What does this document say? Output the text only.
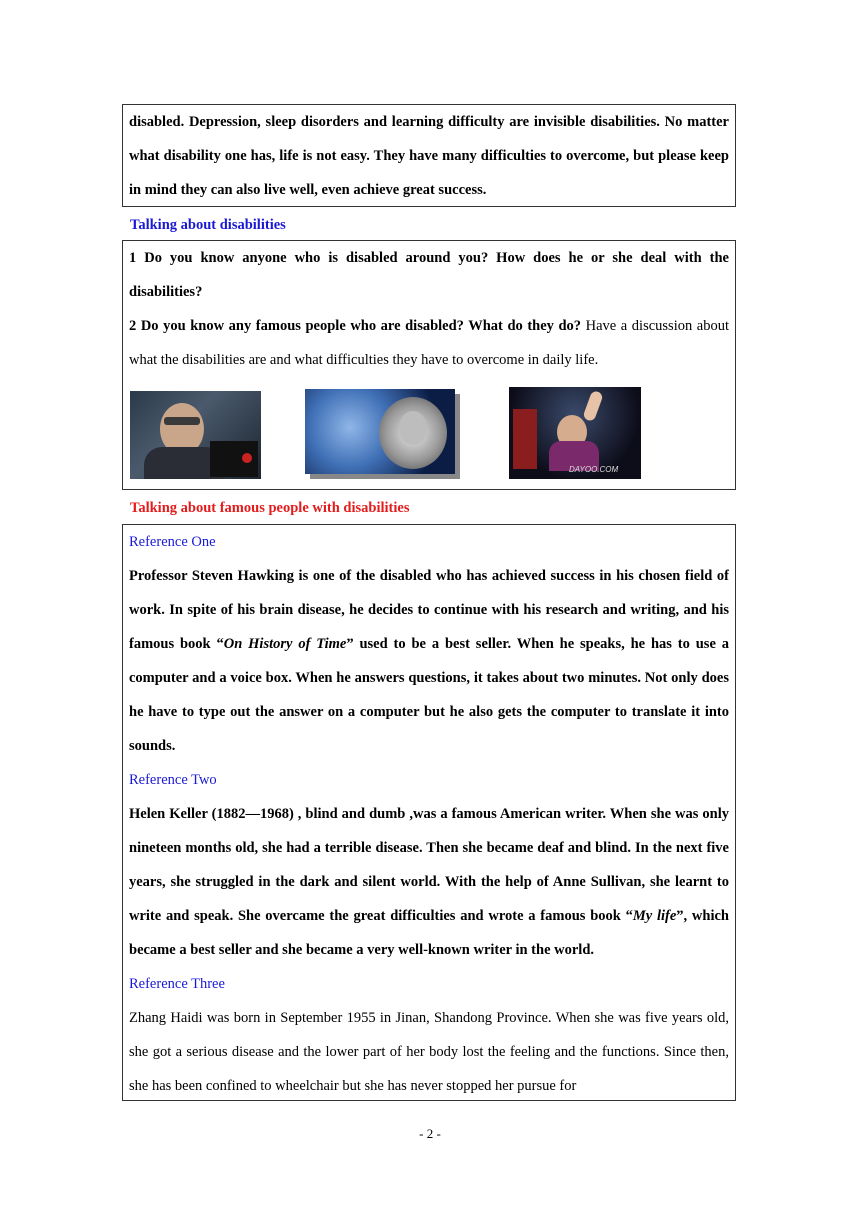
disabled. Depression, sleep disorders and learning difficulty are invisible disabilities. No matter what disability one has, life is not easy. They have many difficulties to overcome, but please keep in mind they can also live well, even achieve great success.

Talking about disabilities

1 Do you know anyone who is disabled around you? How does he or she deal with the disabilities?

2 Do you know any famous people who are disabled? What do they do? Have a discussion about what the disabilities are and what difficulties they have to overcome in daily life.

DAYOO.COM
Talking about famous people with disabilities

Reference One

Professor Steven Hawking is one of the disabled who has achieved success in his chosen field of work. In spite of his brain disease, he decides to continue with his research and writing, and his famous book “On History of Time” used to be a best seller. When he speaks, he has to use a computer and a voice box. When he answers questions, it takes about two minutes. Not only does he have to type out the answer on a computer but he also gets the computer to translate it into sounds.

Reference Two

Helen Keller (1882—1968) , blind and dumb ,was a famous American writer. When she was only nineteen months old, she had a terrible disease. Then she became deaf and blind. In the next five years, she struggled in the dark and silent world. With the help of Anne Sullivan, she learnt to write and speak. She overcame the great difficulties and wrote a famous book “My life”, which became a best seller and she became a very well-known writer in the world.

Reference Three

Zhang Haidi was born in September 1955 in Jinan, Shandong Province. When she was five years old, she got a serious disease and the lower part of her body lost the feeling and the functions. Since then, she has been confined to wheelchair but she has never stopped her pursue for

- 2 -
